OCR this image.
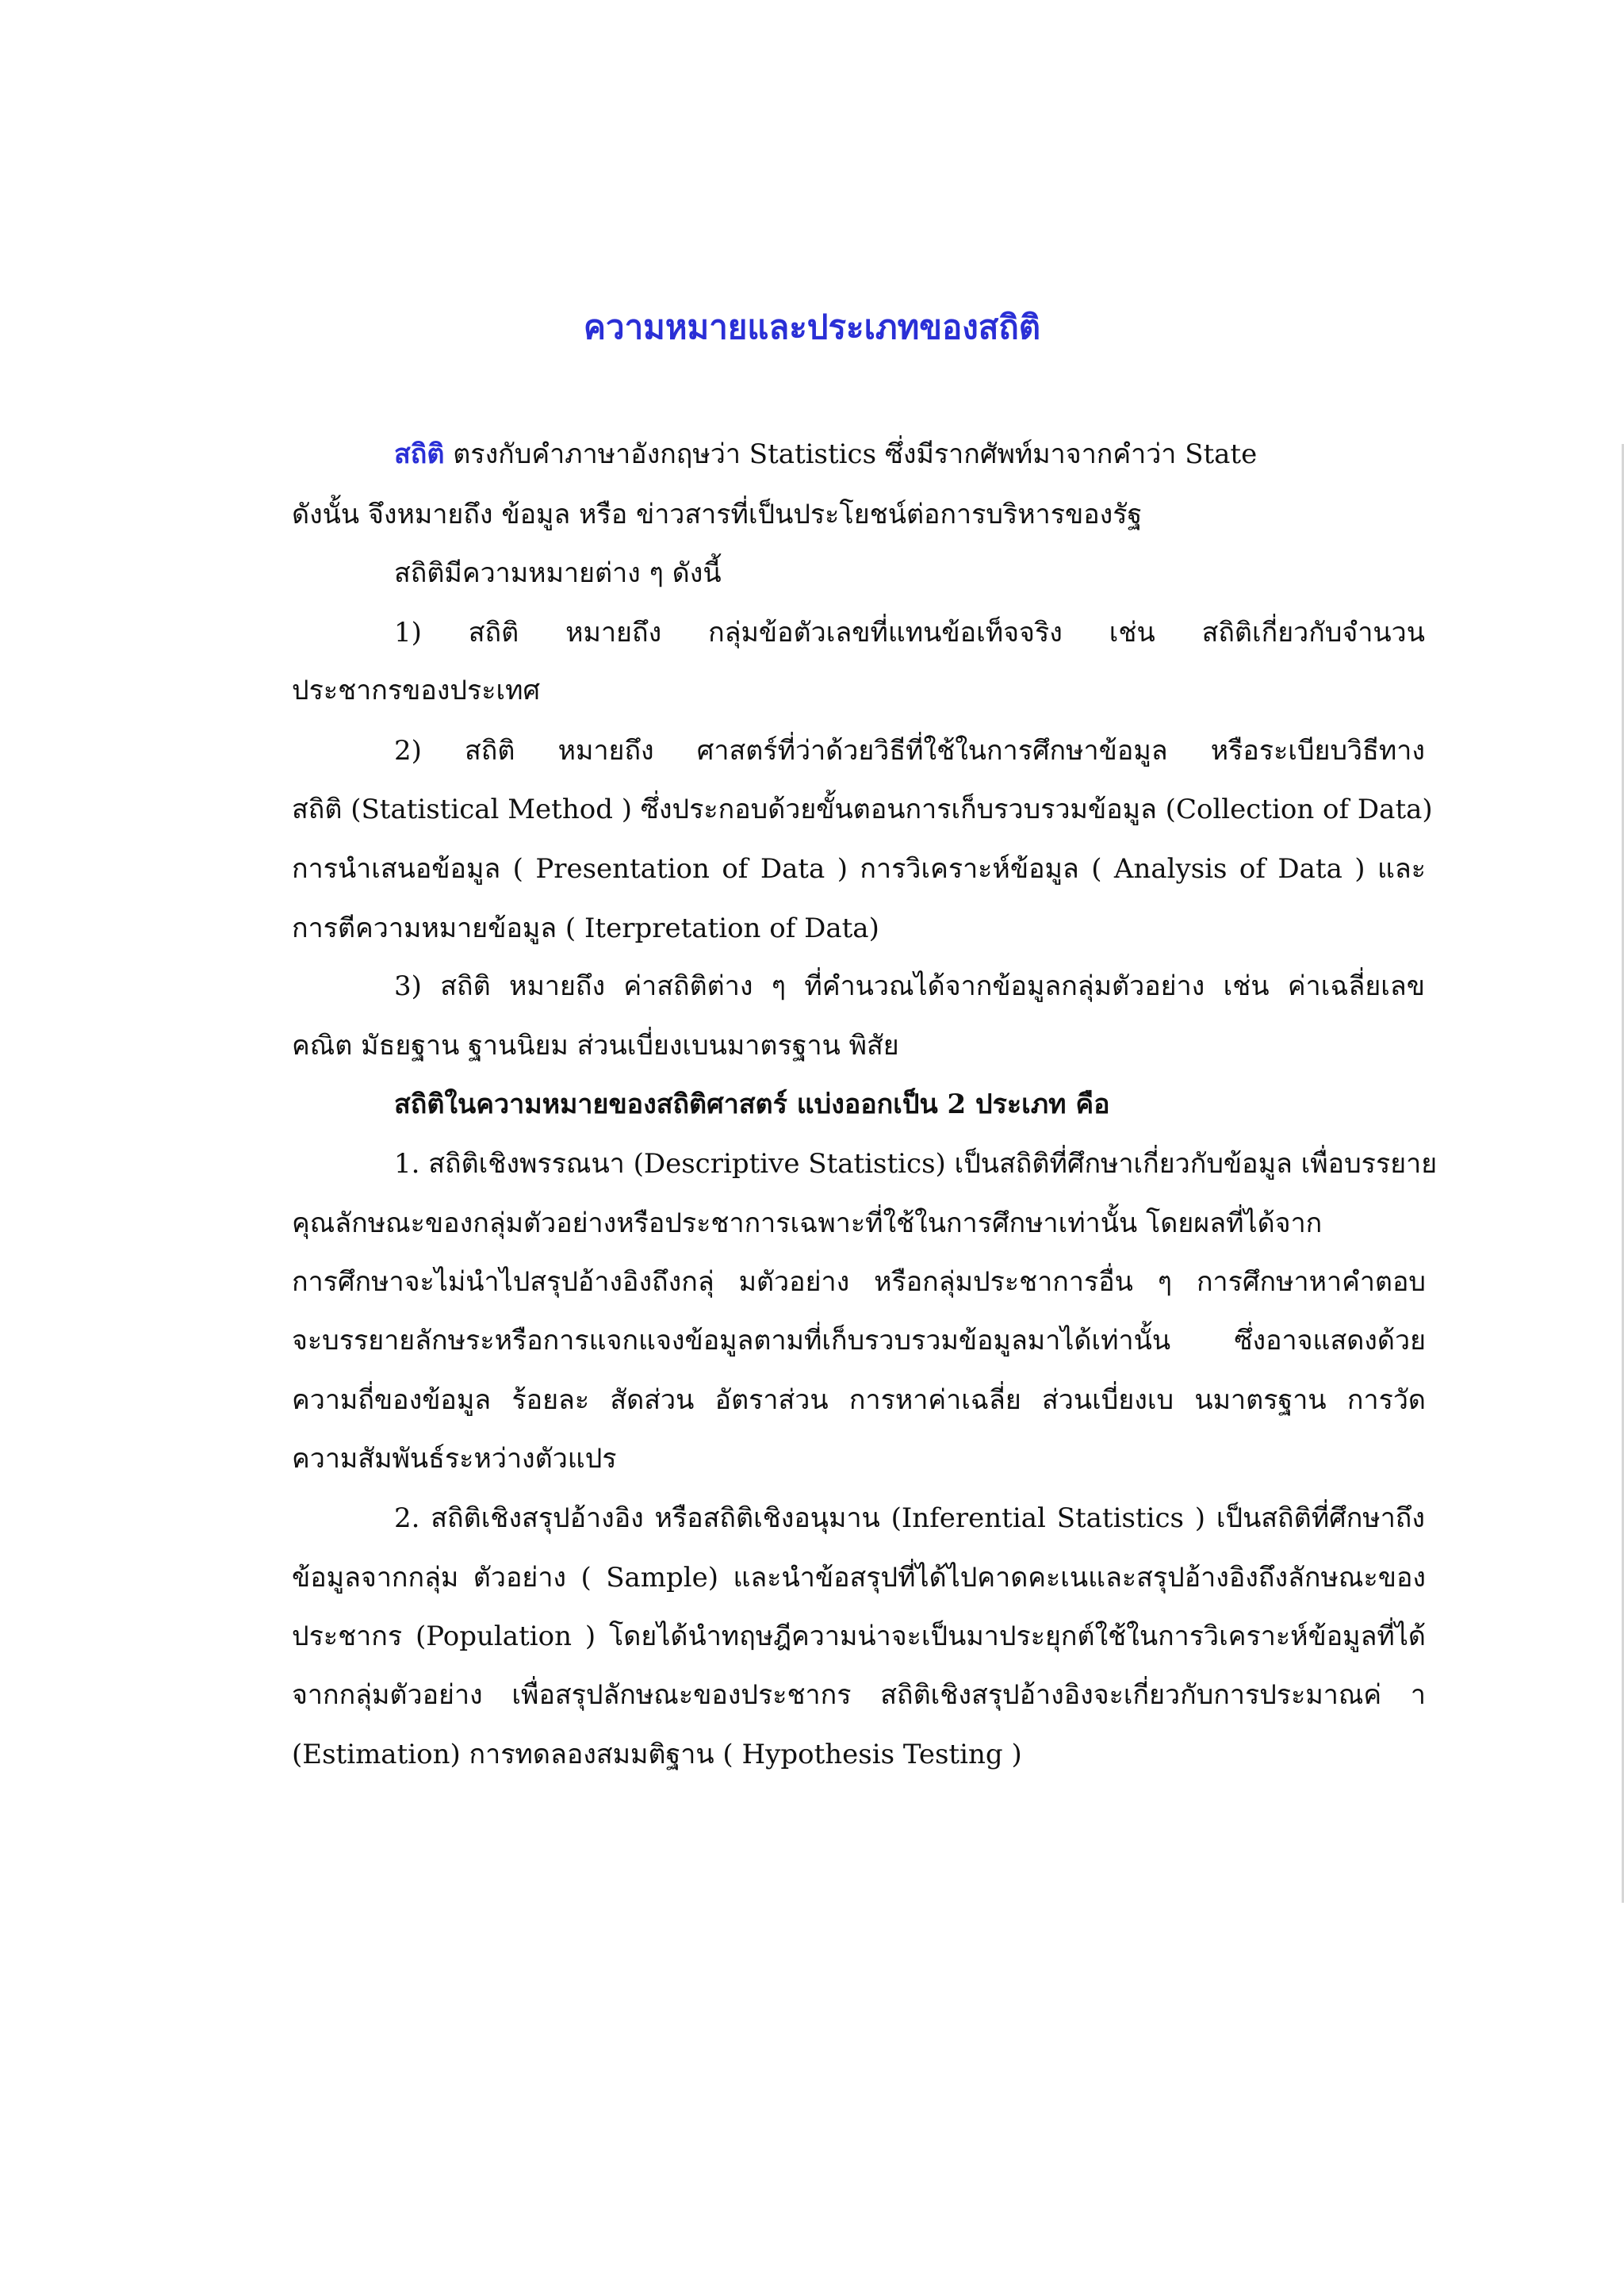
ความหมายและประเภทของสถิติ
สถิติ ตรงกับคำภาษาอังกฤษว่า Statistics ซึ่งมีรากศัพท์มาจากคำว่า State
ดังนั้น จึงหมายถึง ข้อมูล หรือ ข่าวสารที่เป็นประโยชน์ต่อการบริหารของรัฐ
สถิติมีความหมายต่าง ๆ ดังนี้
1) สถิติ หมายถึง กลุ่มข้อตัวเลขที่แทนข้อเท็จจริง เช่น สถิติเกี่ยวกับจำนวน
ประชากรของประเทศ
2) สถิติ หมายถึง ศาสตร์ที่ว่าด้วยวิธีที่ใช้ในการศึกษาข้อมูล หรือระเบียบวิธีทาง
สถิติ (Statistical Method ) ซึ่งประกอบด้วยขั้นตอนการเก็บรวบรวมข้อมูล (Collection of Data)
การนำเสนอข้อมูล ( Presentation of Data ) การวิเคราะห์ข้อมูล ( Analysis of Data ) และ
การตีความหมายข้อมูล ( Iterpretation of Data)
3) สถิติ หมายถึง ค่าสถิติต่าง ๆ ที่คำนวณได้จากข้อมูลกลุ่มตัวอย่าง เช่น ค่าเฉลี่ยเลข
คณิต มัธยฐาน ฐานนิยม ส่วนเบี่ยงเบนมาตรฐาน พิสัย
สถิติในความหมายของสถิติศาสตร์ แบ่งออกเป็น 2 ประเภท คือ
1. สถิติเชิงพรรณนา (Descriptive Statistics) เป็นสถิติที่ศึกษาเกี่ยวกับข้อมูล เพื่อบรรยาย
คุณลักษณะของกลุ่มตัวอย่างหรือประชาการเฉพาะที่ใช้ในการศึกษาเท่านั้น โดยผลที่ได้จาก
การศึกษาจะไม่นำไปสรุปอ้างอิงถึงกลุ่ มตัวอย่าง หรือกลุ่มประชาการอื่น ๆ การศึกษาหาคำตอบ
จะบรรยายลักษระหรือการแจกแจงข้อมูลตามที่เก็บรวบรวมข้อมูลมาได้เท่านั้น ซึ่งอาจแสดงด้วย
ความถี่ของข้อมูล ร้อยละ สัดส่วน อัตราส่วน การหาค่าเฉลี่ย ส่วนเบี่ยงเบ นมาตรฐาน การวัด
ความสัมพันธ์ระหว่างตัวแปร
2. สถิติเชิงสรุปอ้างอิง หรือสถิติเชิงอนุมาน (Inferential Statistics ) เป็นสถิติที่ศึกษาถึง
ข้อมูลจากกลุ่ม ตัวอย่าง ( Sample) และนำข้อสรุปที่ได้ไปคาดคะเนและสรุปอ้างอิงถึงลักษณะของ
ประชากร (Population ) โดยได้นำทฤษฎีความน่าจะเป็นมาประยุกต์ใช้ในการวิเคราะห์ข้อมูลที่ได้
จากกลุ่มตัวอย่าง เพื่อสรุปลักษณะของประชากร สถิติเชิงสรุปอ้างอิงจะเกี่ยวกับการประมาณค่ า
(Estimation) การทดลองสมมติฐาน ( Hypothesis Testing )
